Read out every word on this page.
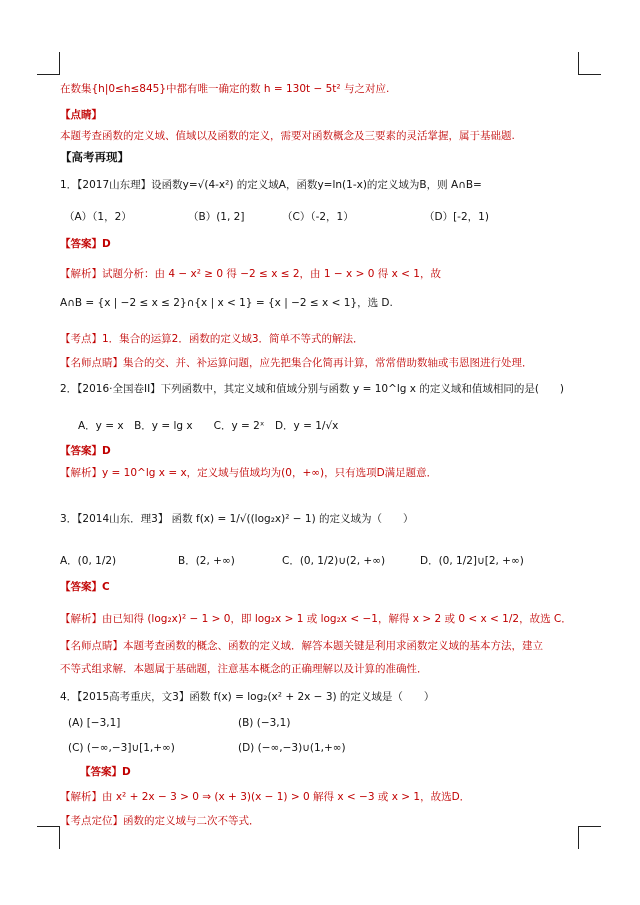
在数集{h|0≤h≤845}中都有唯一确定的数 h = 130t − 5t² 与之对应.
【点睛】
本题考查函数的定义域、值域以及函数的定义，需要对函数概念及三要素的灵活掌握，属于基础题.
【高考再现】
1．【2017山东理】设函数y=√(4-x²) 的定义域A，函数y=ln(1-x)的定义域为B，则 A∩B=
（A）（1，2）	（B）(1, 2]	（C）（-2，1）	（D）[-2，1)
【答案】D
【解析】试题分析：由 4 − x² ≥ 0 得 −2 ≤ x ≤ 2，由 1 − x > 0 得 x < 1，故
A∩B = {x | −2 ≤ x ≤ 2}∩{x | x < 1} = {x | −2 ≤ x < 1}，选 D.
【考点】1．集合的运算2．函数的定义域3．简单不等式的解法．
【名师点睛】集合的交、并、补运算问题，应先把集合化简再计算，常常借助数轴或韦恩图进行处理．
2．【2016·全国卷II】下列函数中，其定义域和值域分别与函数 y = 10^lg x 的定义域和值域相同的是(　　)
A．y = x　B．y = lg x　　C．y = 2ˣ　D．y = 1/√x
【答案】D
【解析】y = 10^lg x = x，定义域与值域均为(0，+∞)，只有选项D满足题意．
3．【2014山东．理3】 函数 f(x) = 1/√((log₂x)² − 1) 的定义域为（　　）
A．(0, 1/2)	B．(2, +∞)	C．(0, 1/2)∪(2, +∞)	D．(0, 1/2]∪[2, +∞)
【答案】C
【解析】由已知得 (log₂x)² − 1 > 0，即 log₂x > 1 或 log₂x < −1，解得 x > 2 或 0 < x < 1/2，故选 C．
【名师点睛】本题考查函数的概念、函数的定义域．解答本题关键是利用求函数定义域的基本方法，建立
不等式组求解．本题属于基础题，注意基本概念的正确理解以及计算的准确性．
4．【2015高考重庆，文3】函数 f(x) = log₂(x² + 2x − 3) 的定义域是（　　）
(A) [−3,1]	(B) (−3,1)
(C) (−∞,−3]∪[1,+∞)	(D) (−∞,−3)∪(1,+∞)
【答案】D
【解析】由 x² + 2x − 3 > 0 ⇒ (x + 3)(x − 1) > 0 解得 x < −3 或 x > 1，故选D．
【考点定位】函数的定义域与二次不等式．
